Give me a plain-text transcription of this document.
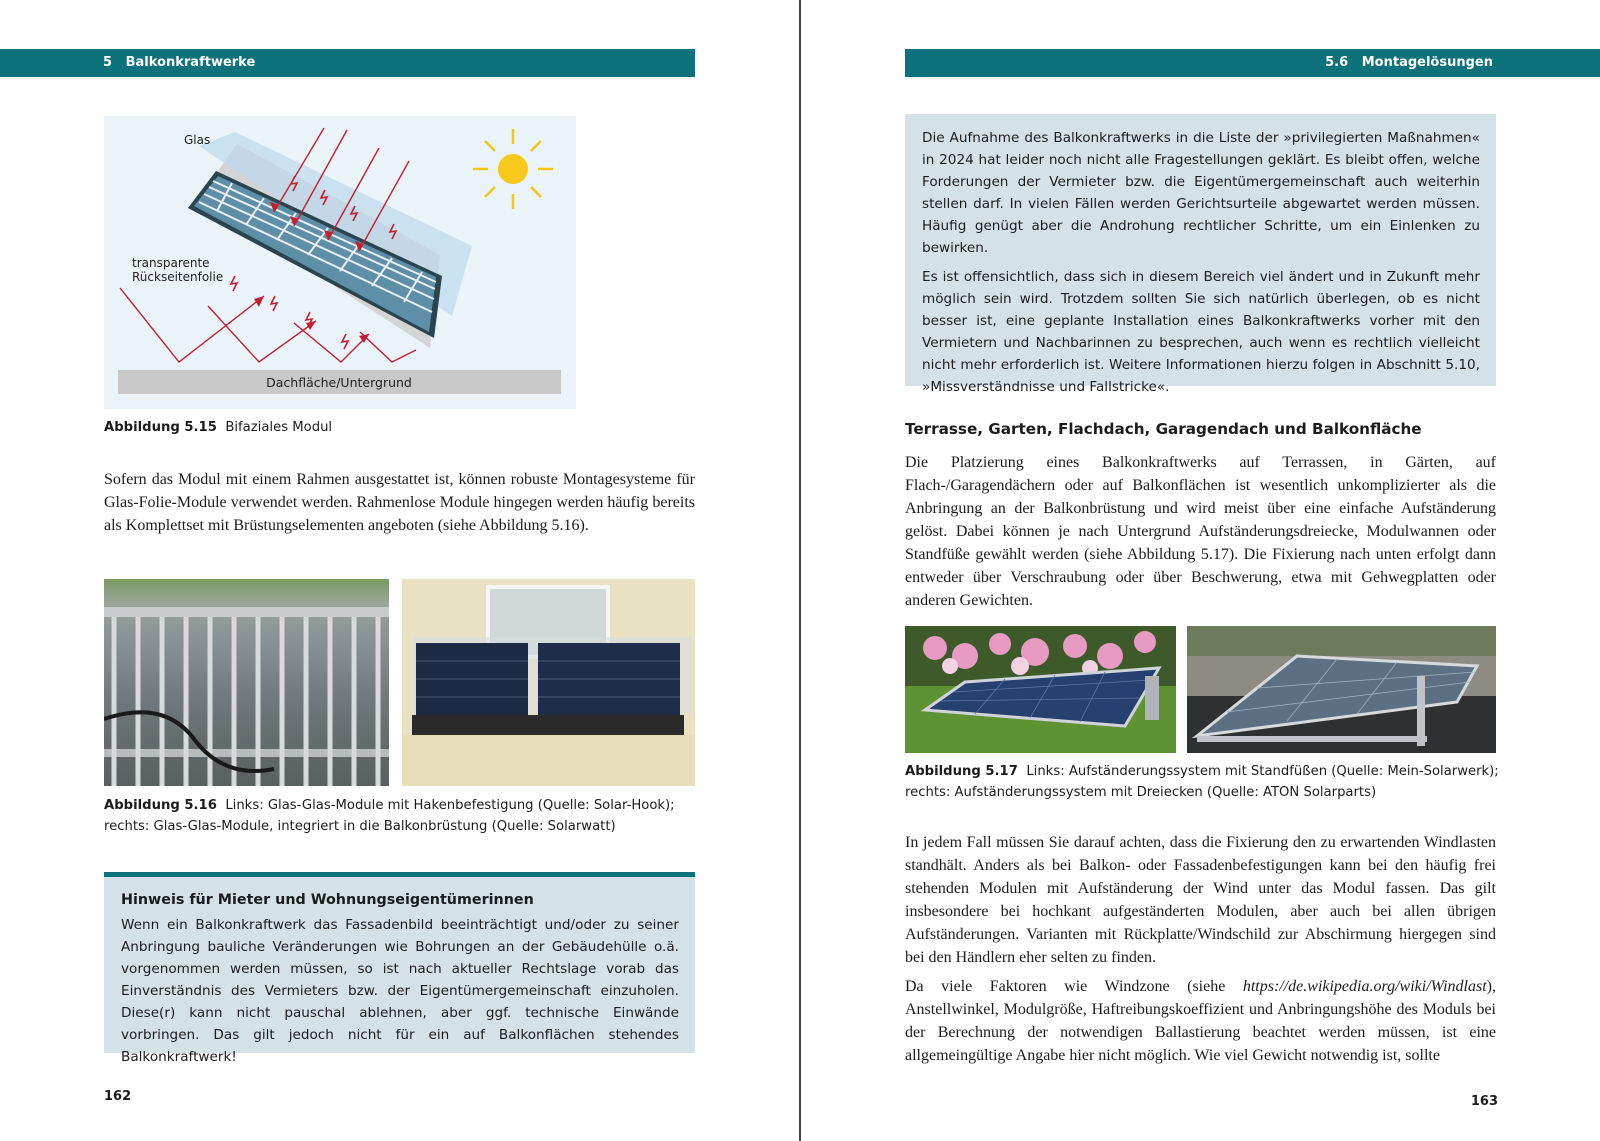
5   Balkonkraftwerke
Dachfläche/Untergrund
Glas
transparente
Rückseitenfolie

Abbildung 5.15 Bifaziales Modul

Sofern das Modul mit einem Rahmen ausgestattet ist, können robuste Montagesysteme für Glas-Folie-Module verwendet werden. Rahmenlose Module hingegen werden häufig bereits als Komplettset mit Brüstungselementen angeboten (siehe Abbildung 5.16).

Abbildung 5.16 Links: Glas-Glas-Module mit Hakenbefestigung (Quelle: Solar-Hook);
rechts: Glas-Glas-Module, integriert in die Balkonbrüstung (Quelle: Solarwatt)
Hinweis für Mieter und Wohnungseigentümerinnen

Wenn ein Balkonkraftwerk das Fassadenbild beeinträchtigt und/oder zu seiner Anbringung bauliche Veränderungen wie Bohrungen an der Gebäudehülle o.ä. vorgenommen werden müssen, so ist nach aktueller Rechtslage vorab das Einverständnis des Vermieters bzw. der Eigentümergemeinschaft einzuholen. Diese(r) kann nicht pauschal ablehnen, aber ggf. technische Einwände vorbringen. Das gilt jedoch nicht für ein auf Balkonflächen stehendes Balkonkraftwerk!

162
5.6   Montagelösungen

Die Aufnahme des Balkonkraftwerks in die Liste der »privilegierten Maßnahmen« in 2024 hat leider noch nicht alle Fragestellungen geklärt. Es bleibt offen, welche Forderungen der Vermieter bzw. die Eigentümergemeinschaft auch weiterhin stellen darf. In vielen Fällen werden Gerichtsurteile abgewartet werden müssen. Häufig genügt aber die Androhung rechtlicher Schritte, um ein Einlenken zu bewirken.

Es ist offensichtlich, dass sich in diesem Bereich viel ändert und in Zukunft mehr möglich sein wird. Trotzdem sollten Sie sich natürlich überlegen, ob es nicht besser ist, eine geplante Installation eines Balkonkraftwerks vorher mit den Vermietern und Nachbarinnen zu besprechen, auch wenn es rechtlich vielleicht nicht mehr erforderlich ist. Weitere Informationen hierzu folgen in Abschnitt 5.10, »Missverständnisse und Fallstricke«.

Terrasse, Garten, Flachdach, Garagendach und Balkonfläche

Die Platzierung eines Balkonkraftwerks auf Terrassen, in Gärten, auf Flach-/Garagendächern oder auf Balkonflächen ist wesentlich unkomplizierter als die Anbringung an der Balkonbrüstung und wird meist über eine einfache Aufständerung gelöst. Dabei können je nach Untergrund Aufständerungsdreiecke, Modulwannen oder Standfüße gewählt werden (siehe Abbildung 5.17). Die Fixierung nach unten erfolgt dann entweder über Verschraubung oder über Beschwerung, etwa mit Gehwegplatten oder anderen Gewichten.

Abbildung 5.17 Links: Aufständerungssystem mit Standfüßen (Quelle: Mein-Solarwerk);
rechts: Aufständerungssystem mit Dreiecken (Quelle: ATON Solarparts)

In jedem Fall müssen Sie darauf achten, dass die Fixierung den zu erwartenden Windlasten standhält. Anders als bei Balkon- oder Fassadenbefestigungen kann bei den häufig frei stehenden Modulen mit Aufständerung der Wind unter das Modul fassen. Das gilt insbesondere bei hochkant aufgeständerten Modulen, aber auch bei allen übrigen Aufständerungen. Varianten mit Rückplatte/Windschild zur Abschirmung hiergegen sind bei den Händlern eher selten zu finden.

Da viele Faktoren wie Windzone (siehe https://de.wikipedia.org/wiki/Windlast), Anstellwinkel, Modulgröße, Haftreibungskoeffizient und Anbringungshöhe des Moduls bei der Berechnung der notwendigen Ballastierung beachtet werden müssen, ist eine allgemeingültige Angabe hier nicht möglich. Wie viel Gewicht notwendig ist, sollte

163
